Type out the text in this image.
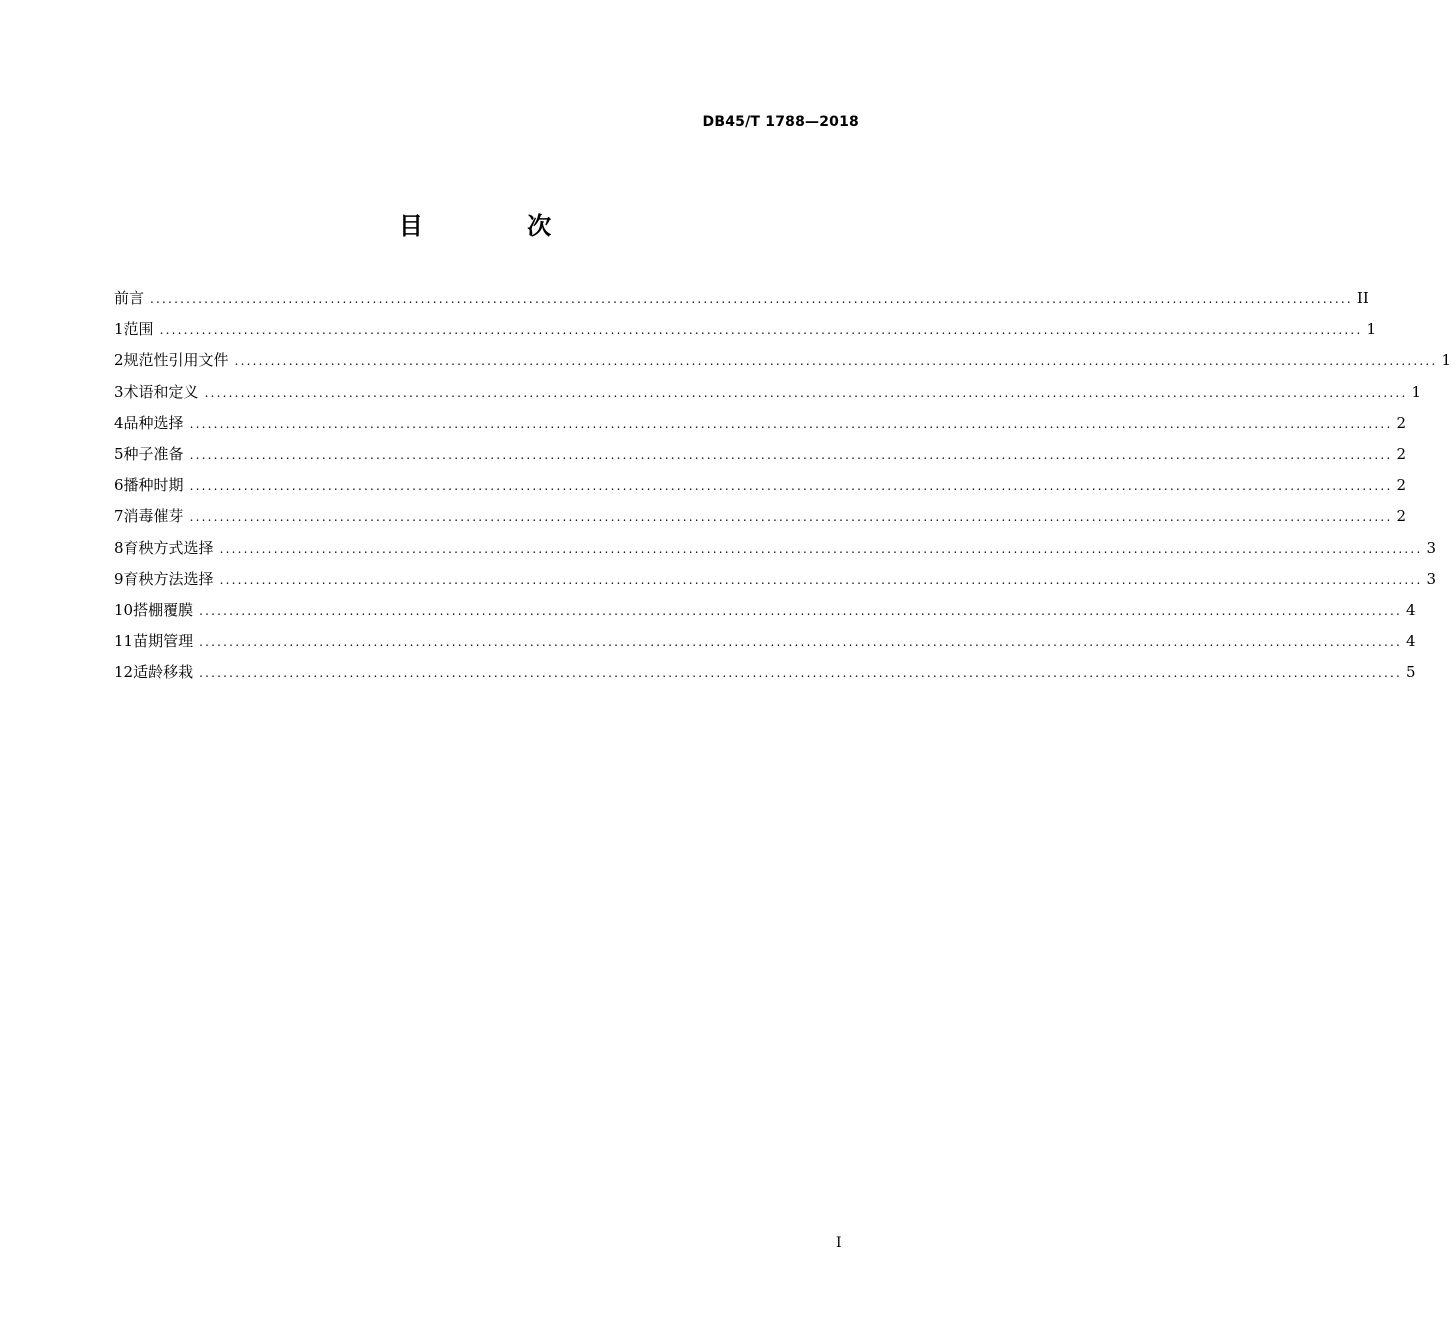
DB45/T 1788—2018
目 次
前言 ........................................................................................................................................................................................................ II
1 范围 ........................................................................................................................................................................................................ 1
2 规范性引用文件 ........................................................................................................................................................................................................ 1
3 术语和定义 ........................................................................................................................................................................................................ 1
4 品种选择 ........................................................................................................................................................................................................ 2
5 种子准备 ........................................................................................................................................................................................................ 2
6 播种时期 ........................................................................................................................................................................................................ 2
7 消毒催芽 ........................................................................................................................................................................................................ 2
8 育秧方式选择 ........................................................................................................................................................................................................ 3
9 育秧方法选择 ........................................................................................................................................................................................................ 3
10 搭棚覆膜 ........................................................................................................................................................................................................ 4
11 苗期管理 ........................................................................................................................................................................................................ 4
12 适龄移栽 ........................................................................................................................................................................................................ 5
I
